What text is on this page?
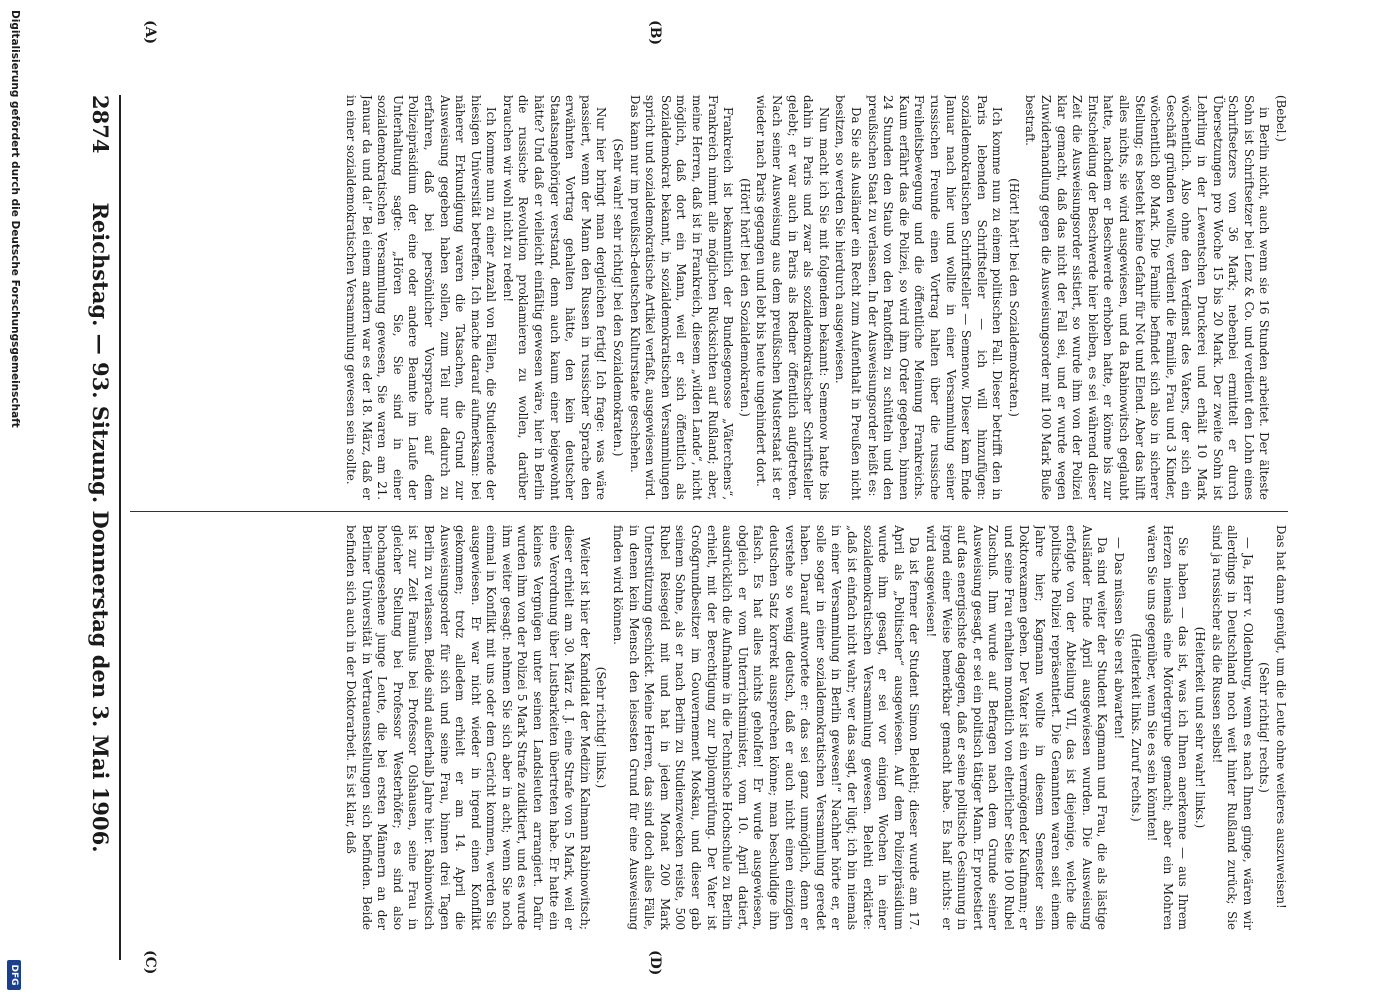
2874
Reichstag. — 93. Sitzung. Donnerstag den 3. Mai 1906.
(A)	(B)
(C)	(D)

(Bebel.)

in Berlin nicht, auch wenn sie 16 Stunden arbeitet. Der älteste Sohn ist Schriftsetzer bei Lenz & Co. und verdient den Lohn eines Schriftsetzers von 36 Mark; nebenbei ermittelt er durch Übersetzungen pro Woche 15 bis 20 Mark. Der zweite Sohn ist Lehrling in der Lewentschen Druckerei und erhält 10 Mark wöchentlich. Also ohne den Verdienst des Vaters, der sich ein Geschäft gründen wollte, verdient die Familie, Frau und 3 Kinder, wöchentlich 80 Mark. Die Familie befindet sich also in sicherer Stellung; es besteht keine Gefahr für Not und Elend. Aber das hilft alles nichts, sie wird ausgewiesen, und da Rabinowitsch geglaubt hatte, nachdem er Beschwerde erhoben hatte, er könne bis zur Entscheidung der Beschwerde hier bleiben, es sei während dieser Zeit die Ausweisungsorder sistiert, so wurde ihm von der Polizei klar gemacht, daß das nicht der Fall sei, und er wurde wegen Zuwiderhandlung gegen die Ausweisungsorder mit 100 Mark Buße bestraft.

(Hört! hört! bei den Sozialdemokraten.)

Ich komme nun zu einem politischen Fall. Dieser betrifft den in Paris lebenden Schriftsteller — ich will hinzufügen: sozialdemokratischen Schriftsteller — Semenow. Dieser kam Ende Januar nach hier und wollte in einer Versammlung seiner russischen Freunde einen Vortrag halten über die russische Freiheitsbewegung und die öffentliche Meinung Frankreichs. Kaum erfährt das die Polizei, so wird ihm Order gegeben, binnen 24 Stunden den Staub von den Pantoffeln zu schütteln und den preußischen Staat zu verlassen. In der Ausweisungsorder heißt es:

Da Sie als Ausländer ein Recht zum Aufenthalt in Preußen nicht besitzen, so werden Sie hierdurch ausgewiesen.

Nun macht ich Sie mit folgendem bekannt: Semenow hatte bis dahin in Paris und zwar als sozialdemokratischer Schriftsteller gelebt; er war auch in Paris als Redner öffentlich aufgetreten. Nach seiner Ausweisung aus dem preußischen Musterstaat ist er wieder nach Paris gegangen und lebt bis heute ungehindert dort.

(Hört! hört! bei den Sozialdemokraten.)

Frankreich ist bekanntlich der Bundesgenosse „Väterchens“, Frankreich nimmt alle möglichen Rücksichten auf Rußland; aber, meine Herren, daß ist in Frankreich, diesem „wilden Lande“, nicht möglich, daß dort ein Mann, weil er sich öffentlich als Sozialdemokrat bekannt, in sozialdemokratischen Versammlungen spricht und sozialdemokratische Artikel verfaßt, ausgewiesen wird. Das kann nur im preußisch-deutschen Kulturstaate geschehen.

(Sehr wahr! sehr richtig! bei den Sozialdemokraten.)

Nur hier bringt man dergleichen fertig! Ich frage: was wäre passiert, wenn der Mann den Russen in russischer Sprache den erwähnten Vortrag gehalten hätte, den kein deutscher Staatsangehöriger verstand, denn auch kaum einer beigewohnt hätte? Und daß er vielleicht einfältig gewesen wäre, hier in Berlin die russische Revolution proklamieren zu wollen, darüber brauchen wir wohl nicht zu reden!

Ich komme nun zu einer Anzahl von Fällen, die Studierende der hiesigen Universität betreffen. Ich mache darauf aufmerksam: bei näherer Erkundigung waren die Tatsachen, die Grund zur Ausweisung gegeben haben sollen, zum Teil nur dadurch zu erfahren, daß bei persönlicher Vorsprache auf dem Polizeipräsidium der eine oder andere Beamte im Laufe der Unterhaltung sagte: „Hören Sie, Sie sind in einer sozialdemokratischen Versammlung gewesen, Sie waren am 21. Januar da und da!“ Bei einem andern war es der 18. März, daß er in einer sozialdemokratischen Versammlung gewesen sein sollte.

Das hat dann genügt, um die Leute ohne weiteres auszuweisen!

(Sehr richtig! rechts.)

— Ja, Herr v. Oldenburg, wenn es nach Ihnen ginge, wären wir allerdings in Deutschland noch weit hinter Rußland zurück; Sie sind ja russischer als die Russen selbst!

(Heiterkeit und sehr wahr! links.)

Sie haben — das ist, was ich Ihnen anerkenne — aus Ihrem Herzen niemals eine Mördergrube gemacht; aber ein Mohren wären Sie uns gegenüber, wenn Sie es sein könnten!

(Heiterkeit links. Zuruf rechts.)

— Das müssen Sie erst abwarten!

Da sind weiter der Student Kagmann und Frau, die als lästige Ausländer Ende April ausgewiesen wurden. Die Ausweisung erfolgte von der Abteilung VII, das ist diejenige, welche die politische Polizei repräsentiert. Die Genannten waren seit einem Jahre hier; Kagmann wollte in diesem Semester sein Doktorexamen geben. Der Vater ist ein vermögender Kaufmann; er und seine Frau erhalten monatlich von elterlicher Seite 100 Rubel Zuschuß. Ihm wurde auf Befragen nach dem Grunde seiner Ausweisung gesagt, er sei ein politisch tätiger Mann. Er protestiert auf das energischste dagegen, daß er seine politische Gesinnung in irgend einer Weise bemerkbar gemacht habe. Es half nichts: er wird ausgewiesen!

Da ist ferner der Student Simon Belehti; dieser wurde am 17. April als „Politischer“ ausgewiesen. Auf dem Polizeipräsidium wurde ihm gesagt, er sei vor einigen Wochen in einer sozialdemokratischen Versammlung gewesen. Belehti erklärte: „daß ist einfach nicht wahr; wer das sagt, der lügt; ich bin niemals in einer Versammlung in Berlin gewesen!“ Nachher hörte er, er solle sogar in einer sozialdemokratischen Versammlung geredet haben. Darauf antwortete er: das sei ganz unmöglich, denn er verstehe so wenig deutsch, daß er auch nicht einen einzigen deutschen Satz korrekt aussprechen könne; man beschuldige ihn falsch. Es hat alles nichts geholfen! Er wurde ausgewiesen, obgleich er vom Unterrichtsminister, vom 10. April datiert, ausdrücklich die Aufnahme in die Technische Hochschule zu Berlin erhielt, mit der Berechtigung zur Diplomprüfung. Der Vater ist Großgrundbesitzer im Gouvernement Moskau, und dieser gab seinem Sohne, als er nach Berlin zu Studienzwecken reiste, 500 Rubel Reisegeld mit und hat in jedem Monat 200 Mark Unterstützung geschickt. Meine Herren, das sind doch alles Fälle, in denen kein Mensch den leisesten Grund für eine Ausweisung finden wird können.

(Sehr richtig! links.)

Weiter ist hier der Kandidat der Medizin Kalmann Rabinowitsch; dieser erhielt am 30. März d. J. eine Strafe von 5 Mark, weil er eine Verordnung über Lustbarkeiten übertreten habe. Er hatte ein kleines Vergnügen unter seinen Landsleuten arrangiert. Dafür wurden ihm von der Polizei 5 Mark Strafe zudiktiert, und es wurde ihm weiter gesagt: nehmen Sie sich aber in acht; wenn Sie noch einmal in Konflikt mit uns oder dem Gericht kommen, werden Sie ausgewiesen. Er war nicht wieder in irgend einen Konflikt gekommen; trotz alledem erhielt er am 14. April die Ausweisungsorder für sich und seine Frau, binnen drei Tagen Berlin zu verlassen. Beide sind außerhalb Jahre hier. Rabinowitsch ist zur Zeit Famulus bei Professor Olshausen, seine Frau in gleicher Stellung bei Professor Westerhöfer; es sind also hochangesehene junge Leute, die bei ersten Männern an der Berliner Universität in Vertrauensstellungen sich befinden. Beide befinden sich auch in der Doktorarbeit. Es ist klar, daß

Digitalisierung gefördert durch die Deutsche Forschungsgemeinschaft
DFG
